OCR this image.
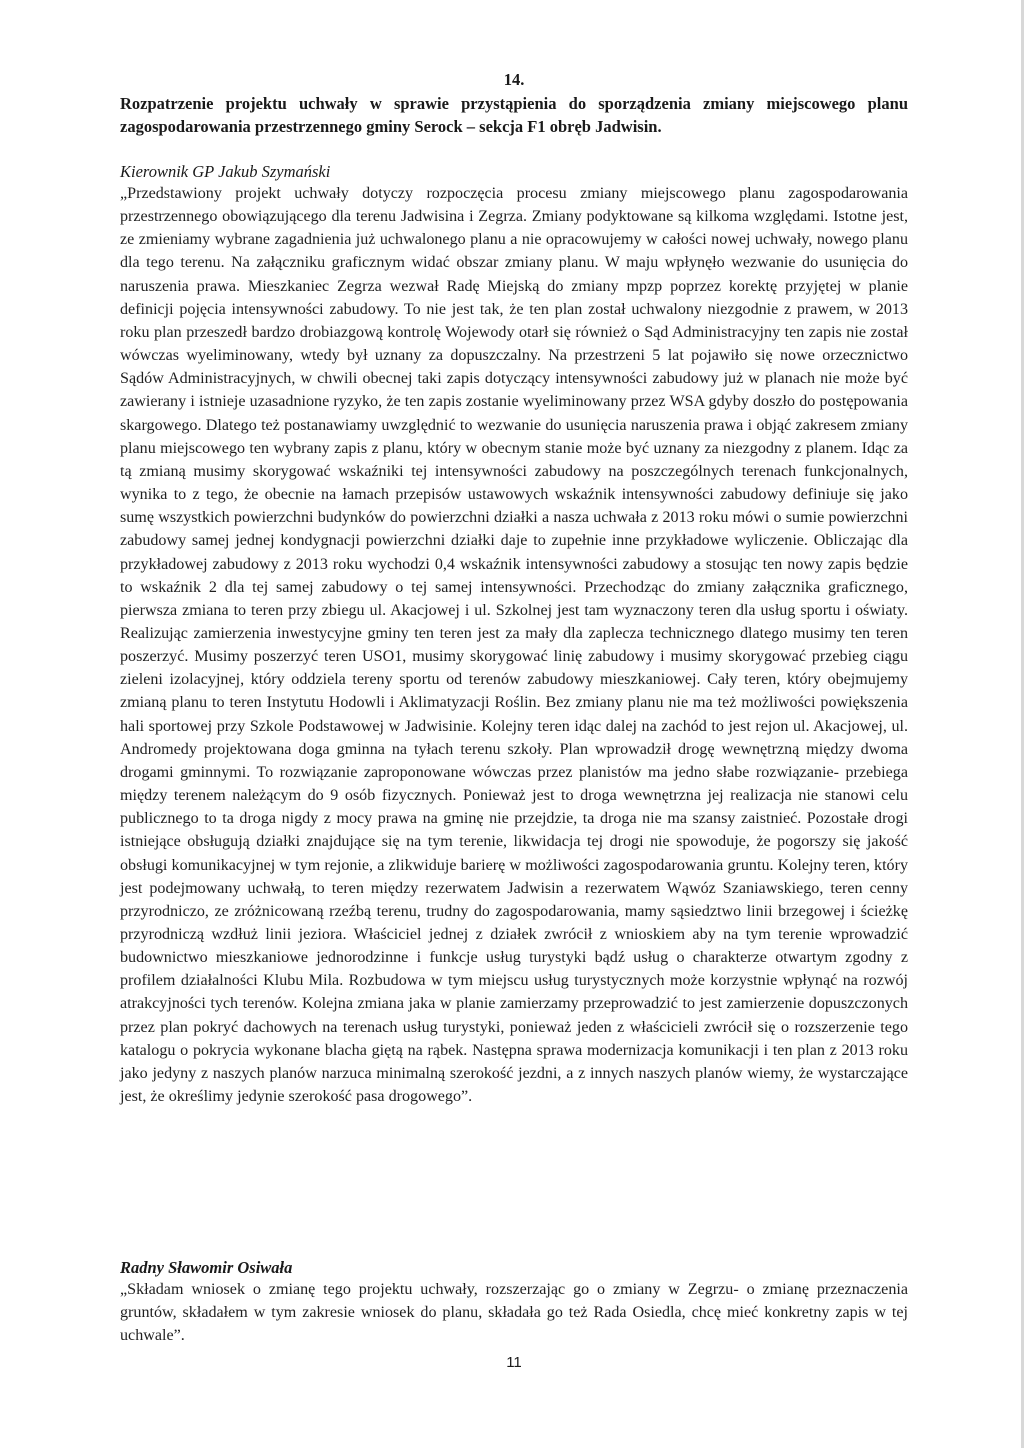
14.
Rozpatrzenie projektu uchwały w sprawie przystąpienia do sporządzenia zmiany miejscowego planu zagospodarowania przestrzennego gminy Serock – sekcja F1 obręb Jadwisin.
Kierownik GP Jakub Szymański
„Przedstawiony projekt uchwały dotyczy rozpoczęcia procesu zmiany miejscowego planu zagospodarowania przestrzennego obowiązującego dla terenu Jadwisina i Zegrza. Zmiany podyktowane są kilkoma względami. Istotne jest, ze zmieniamy wybrane zagadnienia już uchwalonego planu a nie opracowujemy w całości nowej uchwały, nowego planu dla tego terenu. Na załączniku graficznym widać obszar zmiany planu. W maju wpłynęło wezwanie do usunięcia do naruszenia prawa. Mieszkaniec Zegrza wezwał Radę Miejską do zmiany mpzp poprzez korektę przyjętej w planie definicji pojęcia intensywności zabudowy. To nie jest tak, że ten plan został uchwalony niezgodnie z prawem, w 2013 roku plan przeszedł bardzo drobiazgową kontrolę Wojewody otarł się również o Sąd Administracyjny ten zapis nie został wówczas wyeliminowany, wtedy był uznany za dopuszczalny. Na przestrzeni 5 lat pojawiło się nowe orzecznictwo Sądów Administracyjnych, w chwili obecnej taki zapis dotyczący intensywności zabudowy już w planach nie może być zawierany i istnieje uzasadnione ryzyko, że ten zapis zostanie wyeliminowany przez WSA gdyby doszło do postępowania skargowego. Dlatego też postanawiamy uwzględnić to wezwanie do usunięcia naruszenia prawa i objąć zakresem zmiany planu miejscowego ten wybrany zapis z planu, który w obecnym stanie może być uznany za niezgodny z planem. Idąc za tą zmianą musimy skorygować wskaźniki tej intensywności zabudowy na poszczególnych terenach funkcjonalnych, wynika to z tego, że obecnie na łamach przepisów ustawowych wskaźnik intensywności zabudowy definiuje się jako sumę wszystkich powierzchni budynków do powierzchni działki a nasza uchwała z 2013 roku mówi o sumie powierzchni zabudowy samej jednej kondygnacji powierzchni działki daje to zupełnie inne przykładowe wyliczenie. Obliczając dla przykładowej zabudowy z 2013 roku wychodzi 0,4 wskaźnik intensywności zabudowy a stosując ten nowy zapis będzie to wskaźnik 2 dla tej samej zabudowy o tej samej intensywności. Przechodząc do zmiany załącznika graficznego, pierwsza zmiana to teren przy zbiegu ul. Akacjowej i ul. Szkolnej jest tam wyznaczony teren dla usług sportu i oświaty. Realizując zamierzenia inwestycyjne gminy ten teren jest za mały dla zaplecza technicznego dlatego musimy ten teren poszerzyć. Musimy poszerzyć teren USO1, musimy skorygować linię zabudowy i musimy skorygować przebieg ciągu zieleni izolacyjnej, który oddziela tereny sportu od terenów zabudowy mieszkaniowej. Cały teren, który obejmujemy zmianą planu to teren Instytutu Hodowli i Aklimatyzacji Roślin. Bez zmiany planu nie ma też możliwości powiększenia hali sportowej przy Szkole Podstawowej w Jadwisinie. Kolejny teren idąc dalej na zachód to jest rejon ul. Akacjowej, ul. Andromedy projektowana doga gminna na tyłach terenu szkoły. Plan wprowadził drogę wewnętrzną między dwoma drogami gminnymi. To rozwiązanie zaproponowane wówczas przez planistów ma jedno słabe rozwiązanie- przebiega między terenem należącym do 9 osób fizycznych. Ponieważ jest to droga wewnętrzna jej realizacja nie stanowi celu publicznego to ta droga nigdy z mocy prawa na gminę nie przejdzie, ta droga nie ma szansy zaistnieć. Pozostałe drogi istniejące obsługują działki znajdujące się na tym terenie, likwidacja tej drogi nie spowoduje, że pogorszy się jakość obsługi komunikacyjnej w tym rejonie, a zlikwiduje barierę w możliwości zagospodarowania gruntu. Kolejny teren, który jest podejmowany uchwałą, to teren między rezerwatem Jadwisin a rezerwatem Wąwóz Szaniawskiego, teren cenny przyrodniczo, ze zróżnicowaną rzeźbą terenu, trudny do zagospodarowania, mamy sąsiedztwo linii brzegowej i ścieżkę przyrodniczą wzdłuż linii jeziora. Właściciel jednej z działek zwrócił z wnioskiem aby na tym terenie wprowadzić budownictwo mieszkaniowe jednorodzinne i funkcje usług turystyki bądź usług o charakterze otwartym zgodny z profilem działalności Klubu Mila. Rozbudowa w tym miejscu usług turystycznych może korzystnie wpłynąć na rozwój atrakcyjności tych terenów. Kolejna zmiana jaka w planie zamierzamy przeprowadzić to jest zamierzenie dopuszczonych przez plan pokryć dachowych na terenach usług turystyki, ponieważ jeden z właścicieli zwrócił się o rozszerzenie tego katalogu o pokrycia wykonane blacha giętą na rąbek. Następna sprawa modernizacja komunikacji i ten plan z 2013 roku jako jedyny z naszych planów narzuca minimalną szerokość jezdni, a z innych naszych planów wiemy, że wystarczające jest, że określimy jedynie szerokość pasa drogowego”.
Radny Sławomir Osiwała
„Składam wniosek o zmianę tego projektu uchwały, rozszerzając go o zmiany w Zegrzu- o zmianę przeznaczenia gruntów, składałem w tym zakresie wniosek do planu, składała go też Rada Osiedla, chcę mieć konkretny zapis w tej uchwale”.
11
